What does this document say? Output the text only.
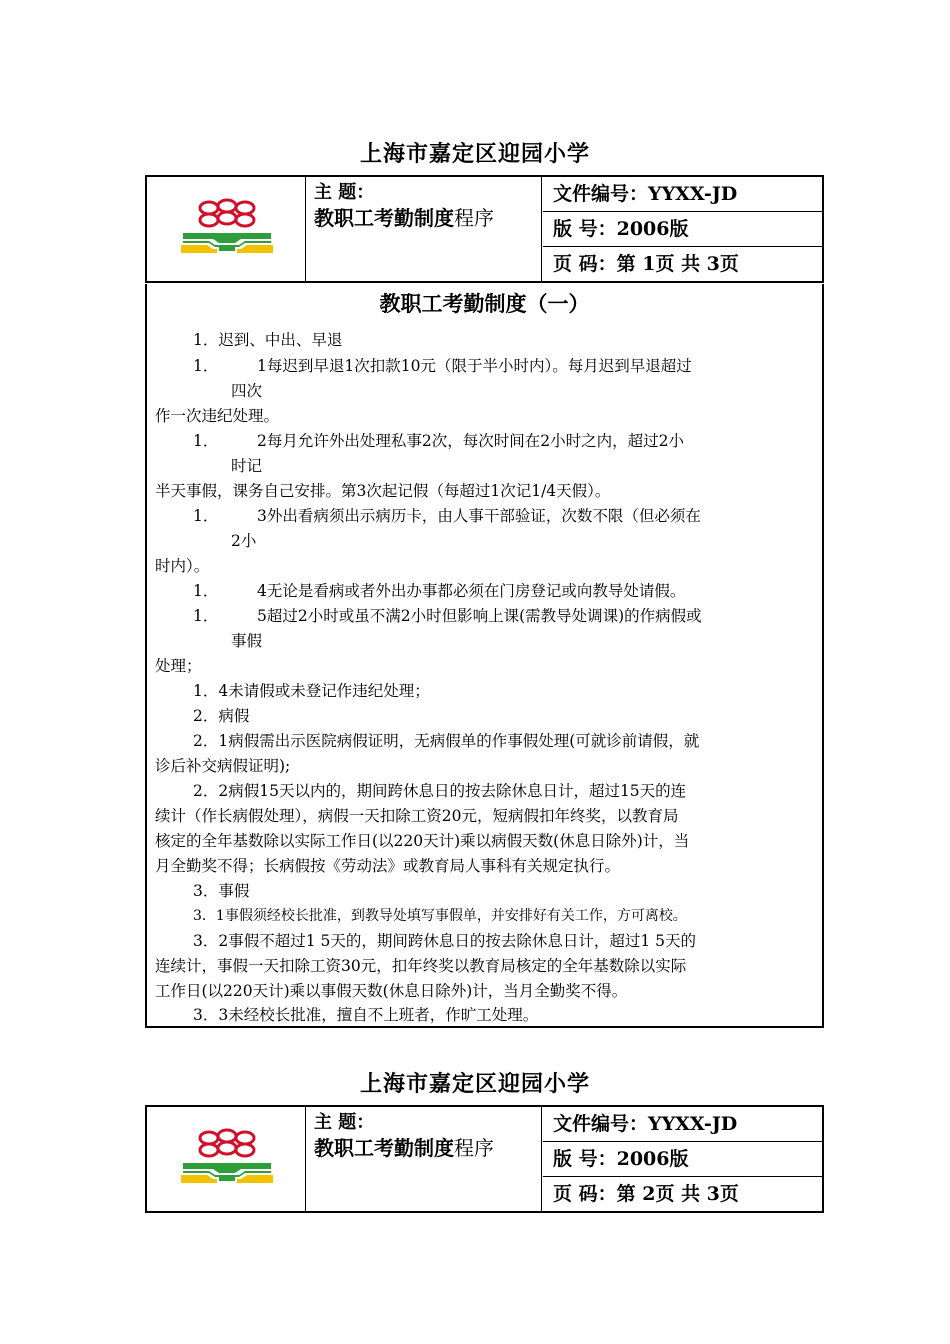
上海市嘉定区迎园小学
主 题：
教职工考勤制度程序
文件编号：YYXX-JD
版 号：2006版
页 码：第 1页 共 3页
教职工考勤制度（一）
1．迟到、中出、早退
1． 1每迟到早退1次扣款10元（限于半小时内）。每月迟到早退超过
四次
作一次违纪处理。
1． 2每月允许外出处理私事2次，每次时间在2小时之内，超过2小
时记
半天事假，课务自己安排。第3次起记假（每超过1次记1/4天假）。
1． 3外出看病须出示病历卡，由人事干部验证，次数不限（但必须在
2小
时内）。
1． 4无论是看病或者外出办事都必须在门房登记或向教导处请假。
1． 5超过2小时或虽不满2小时但影响上课(需教导处调课)的作病假或
事假
处理；
1．4未请假或未登记作违纪处理；
2．病假
2．1病假需出示医院病假证明，无病假单的作事假处理(可就诊前请假，就
诊后补交病假证明);
2．2病假15天以内的，期间跨休息日的按去除休息日计，超过15天的连
续计（作长病假处理），病假一天扣除工资20元，短病假扣年终奖，以教育局
核定的全年基数除以实际工作日(以220天计)乘以病假天数(休息日除外)计，当
月全勤奖不得；长病假按《劳动法》或教育局人事科有关规定执行。
3．事假
3．1事假须经校长批准，到教导处填写事假单，并安排好有关工作，方可离校。
3．2事假不超过1 5天的，期间跨休息日的按去除休息日计，超过1 5天的
连续计，事假一天扣除工资30元，扣年终奖以教育局核定的全年基数除以实际
工作日(以220天计)乘以事假天数(休息日除外)计，当月全勤奖不得。
3．3未经校长批准，擅自不上班者，作旷工处理。
上海市嘉定区迎园小学
主 题：
教职工考勤制度程序
文件编号：YYXX-JD
版 号：2006版
页 码：第 2页 共 3页
